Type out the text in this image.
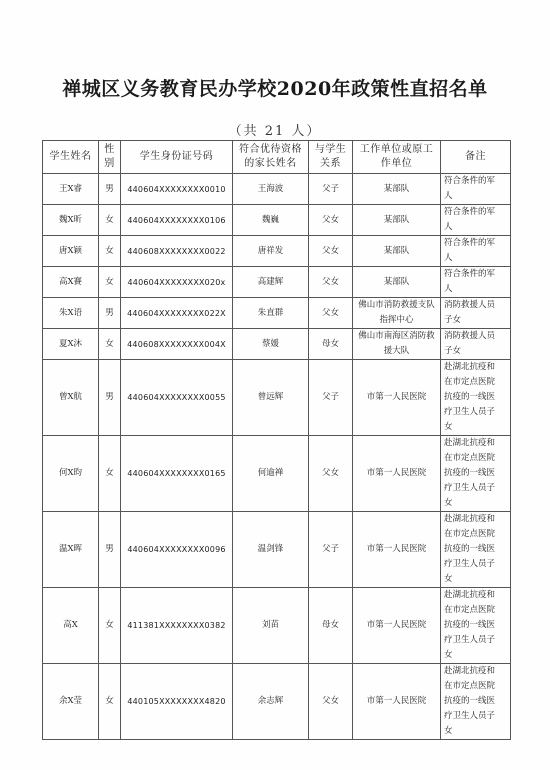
禅城区义务教育民办学校2020年政策性直招名单
（共 21 人）
学生姓名	性别	学生身份证号码	符合优待资格的家长姓名	与学生关系	工作单位或原工作单位	备注
王X睿	男	440604XXXXXXXX0010	王海波	父子	某部队	符合条件的军
人

魏X昕	女	440604XXXXXXXX0106	魏巍	父女	某部队	符合条件的军
人

唐X颖	女	440608XXXXXXXX0022	唐祥发	父女	某部队	符合条件的军
人

高X賽	女	440604XXXXXXXX020x	高建辉	父女	某部队	符合条件的军
人

朱X语	男	440604XXXXXXXX022X	朱直群	父女	佛山市消防救援支队指挥中心	消防救援人员
子女

夏X沐	女	440608XXXXXXXX004X	蔡媛	母女	佛山市南海区消防救援大队	消防救援人员
子女

曾X航	男	440604XXXXXXXX0055	曾远辉	父子	市第一人民医院	赴湖北抗疫和
在市定点医院
抗疫的一线医
疗卫生人员子
女

何X昀	女	440604XXXXXXXX0165	何逾禅	父女	市第一人民医院	赴湖北抗疫和
在市定点医院
抗疫的一线医
疗卫生人员子
女

温X晖	男	440604XXXXXXXX0096	温剑锋	父子	市第一人民医院	赴湖北抗疫和
在市定点医院
抗疫的一线医
疗卫生人员子
女

高X	女	411381XXXXXXXX0382	刘苗	母女	市第一人民医院	赴湖北抗疫和
在市定点医院
抗疫的一线医
疗卫生人员子
女

余X莹	女	440105XXXXXXXX4820	余志辉	父女	市第一人民医院	赴湖北抗疫和
在市定点医院
抗疫的一线医
疗卫生人员子
女
